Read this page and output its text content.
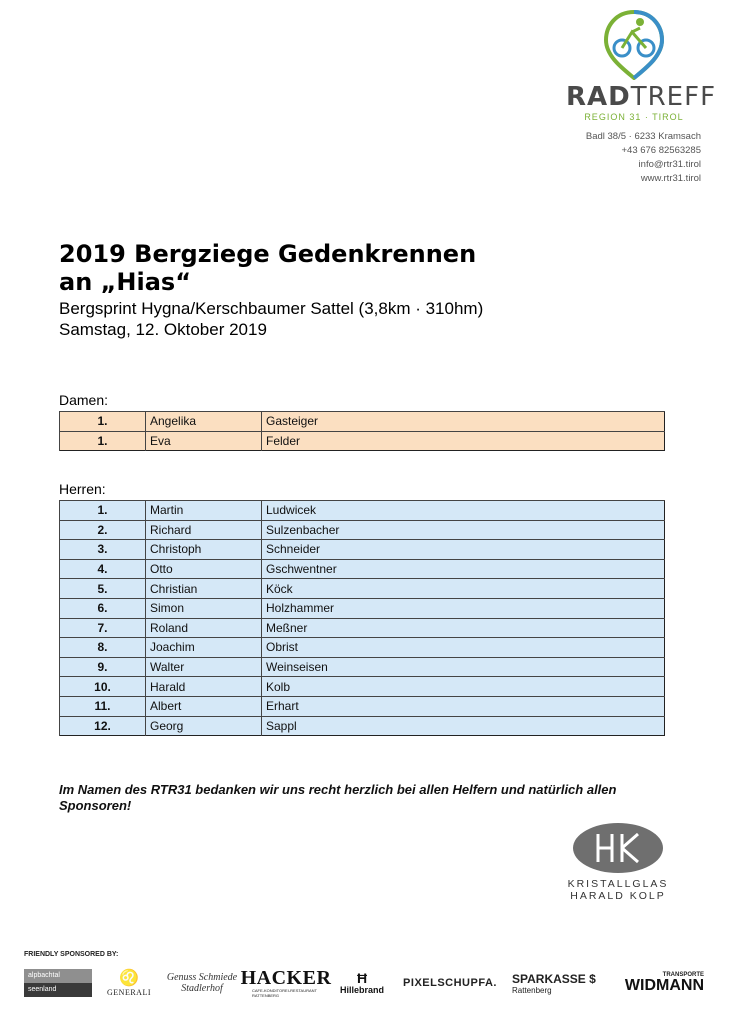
RADTREFF
REGION 31 · TIROL
Badl 38/5 · 6233 Kramsach
+43 676 82563285
info@rtr31.tirol
www.rtr31.tirol
2019 Bergziege Gedenkrennen
an „Hias“
Bergsprint Hygna/Kerschbaumer Sattel (3,8km · 310hm)
Samstag, 12. Oktober 2019
Damen:
1.	Angelika	Gasteiger
1.	Eva	Felder
Herren:
1.	Martin	Ludwicek
2.	Richard	Sulzenbacher
3.	Christoph	Schneider
4.	Otto	Gschwentner
5.	Christian	Köck
6.	Simon	Holzhammer
7.	Roland	Meßner
8.	Joachim	Obrist
9.	Walter	Weinseisen
10.	Harald	Kolb
11.	Albert	Erhart
12.	Georg	Sappl
Im Namen des RTR31 bedanken wir uns recht herzlich bei allen Helfern und natürlich allen Sponsoren!
KRISTALLGLAS
HARALD KOLP
FRIENDLY SPONSORED BY:
alpbachtal
seenland
♌
GENERALI
Genuss Schmiede Stadlerhof HACKER
CAFE-KONDITOREI-RESTAURANT RATTENBERG
Ħ
Hillebrand
PIXELSCHUPFA. SPARKASSE $
Rattenberg
TRANSPORTE
WIDMANN
